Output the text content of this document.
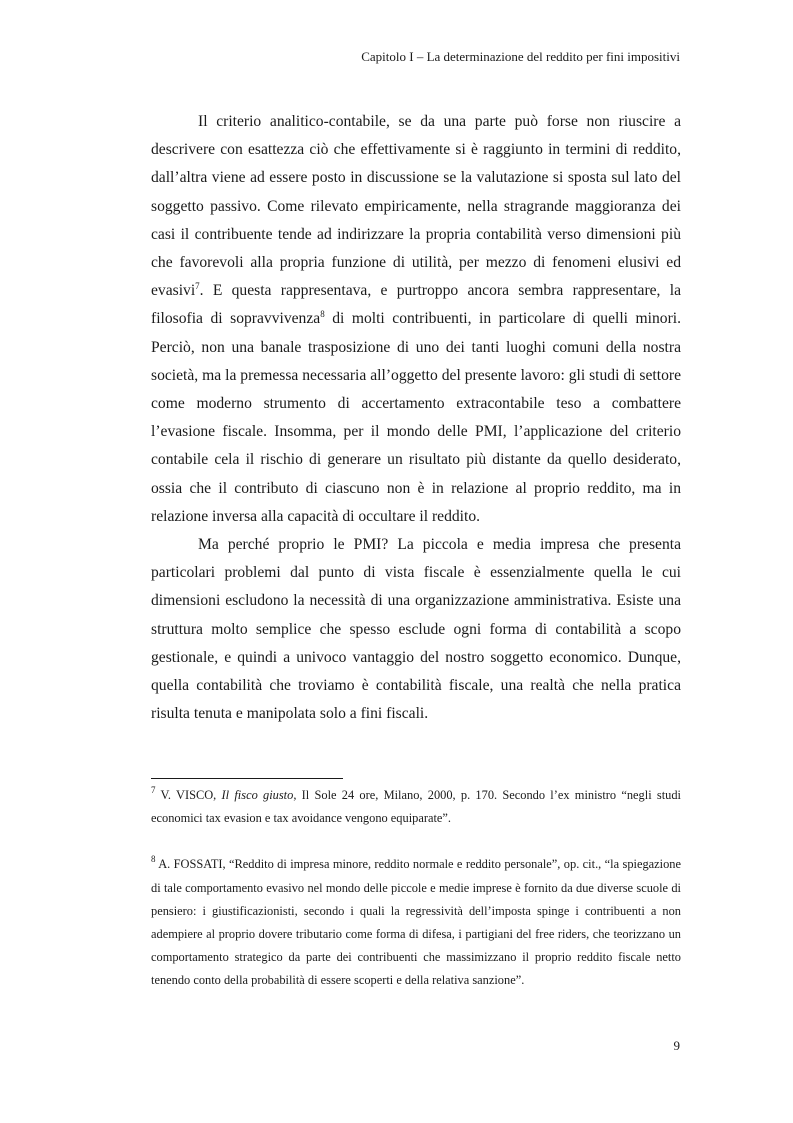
Capitolo I – La determinazione del reddito per fini impositivi

Il criterio analitico-contabile, se da una parte può forse non riuscire a descrivere con esattezza ciò che effettivamente si è raggiunto in termini di reddito, dall’altra viene ad essere posto in discussione se la valutazione si sposta sul lato del soggetto passivo. Come rilevato empiricamente, nella stragrande maggioranza dei casi il contribuente tende ad indirizzare la propria contabilità verso dimensioni più che favorevoli alla propria funzione di utilità, per mezzo di fenomeni elusivi ed evasivi$^7$. E questa rappresentava, e purtroppo ancora sembra rappresentare, la filosofia di sopravvivenza$^8$ di molti contribuenti, in particolare di quelli minori. Perciò, non una banale trasposizione di uno dei tanti luoghi comuni della nostra società, ma la premessa necessaria all’oggetto del presente lavoro: gli studi di settore come moderno strumento di accertamento extracontabile teso a combattere l’evasione fiscale. Insomma, per il mondo delle PMI, l’applicazione del criterio contabile cela il rischio di generare un risultato più distante da quello desiderato, ossia che il contributo di ciascuno non è in relazione al proprio reddito, ma in relazione inversa alla capacità di occultare il reddito.

Ma perché proprio le PMI? La piccola e media impresa che presenta particolari problemi dal punto di vista fiscale è essenzialmente quella le cui dimensioni escludono la necessità di una organizzazione amministrativa. Esiste una struttura molto semplice che spesso esclude ogni forma di contabilità a scopo gestionale, e quindi a univoco vantaggio del nostro soggetto economico. Dunque, quella contabilità che troviamo è contabilità fiscale, una realtà che nella pratica risulta tenuta e manipolata solo a fini fiscali.

$^7$ V. VISCO, Il fisco giusto, Il Sole 24 ore, Milano, 2000, p. 170. Secondo l’ex ministro “negli studi economici tax evasion e tax avoidance vengono equiparate”.

$^8$ A. FOSSATI, “Reddito di impresa minore, reddito normale e reddito personale”, op. cit., “la spiegazione di tale comportamento evasivo nel mondo delle piccole e medie imprese è fornito da due diverse scuole di pensiero: i giustificazionisti, secondo i quali la regressività dell’imposta spinge i contribuenti a non adempiere al proprio dovere tributario come forma di difesa, i partigiani del free riders, che teorizzano un comportamento strategico da parte dei contribuenti che massimizzano il proprio reddito fiscale netto tenendo conto della probabilità di essere scoperti e della relativa sanzione”.

9
